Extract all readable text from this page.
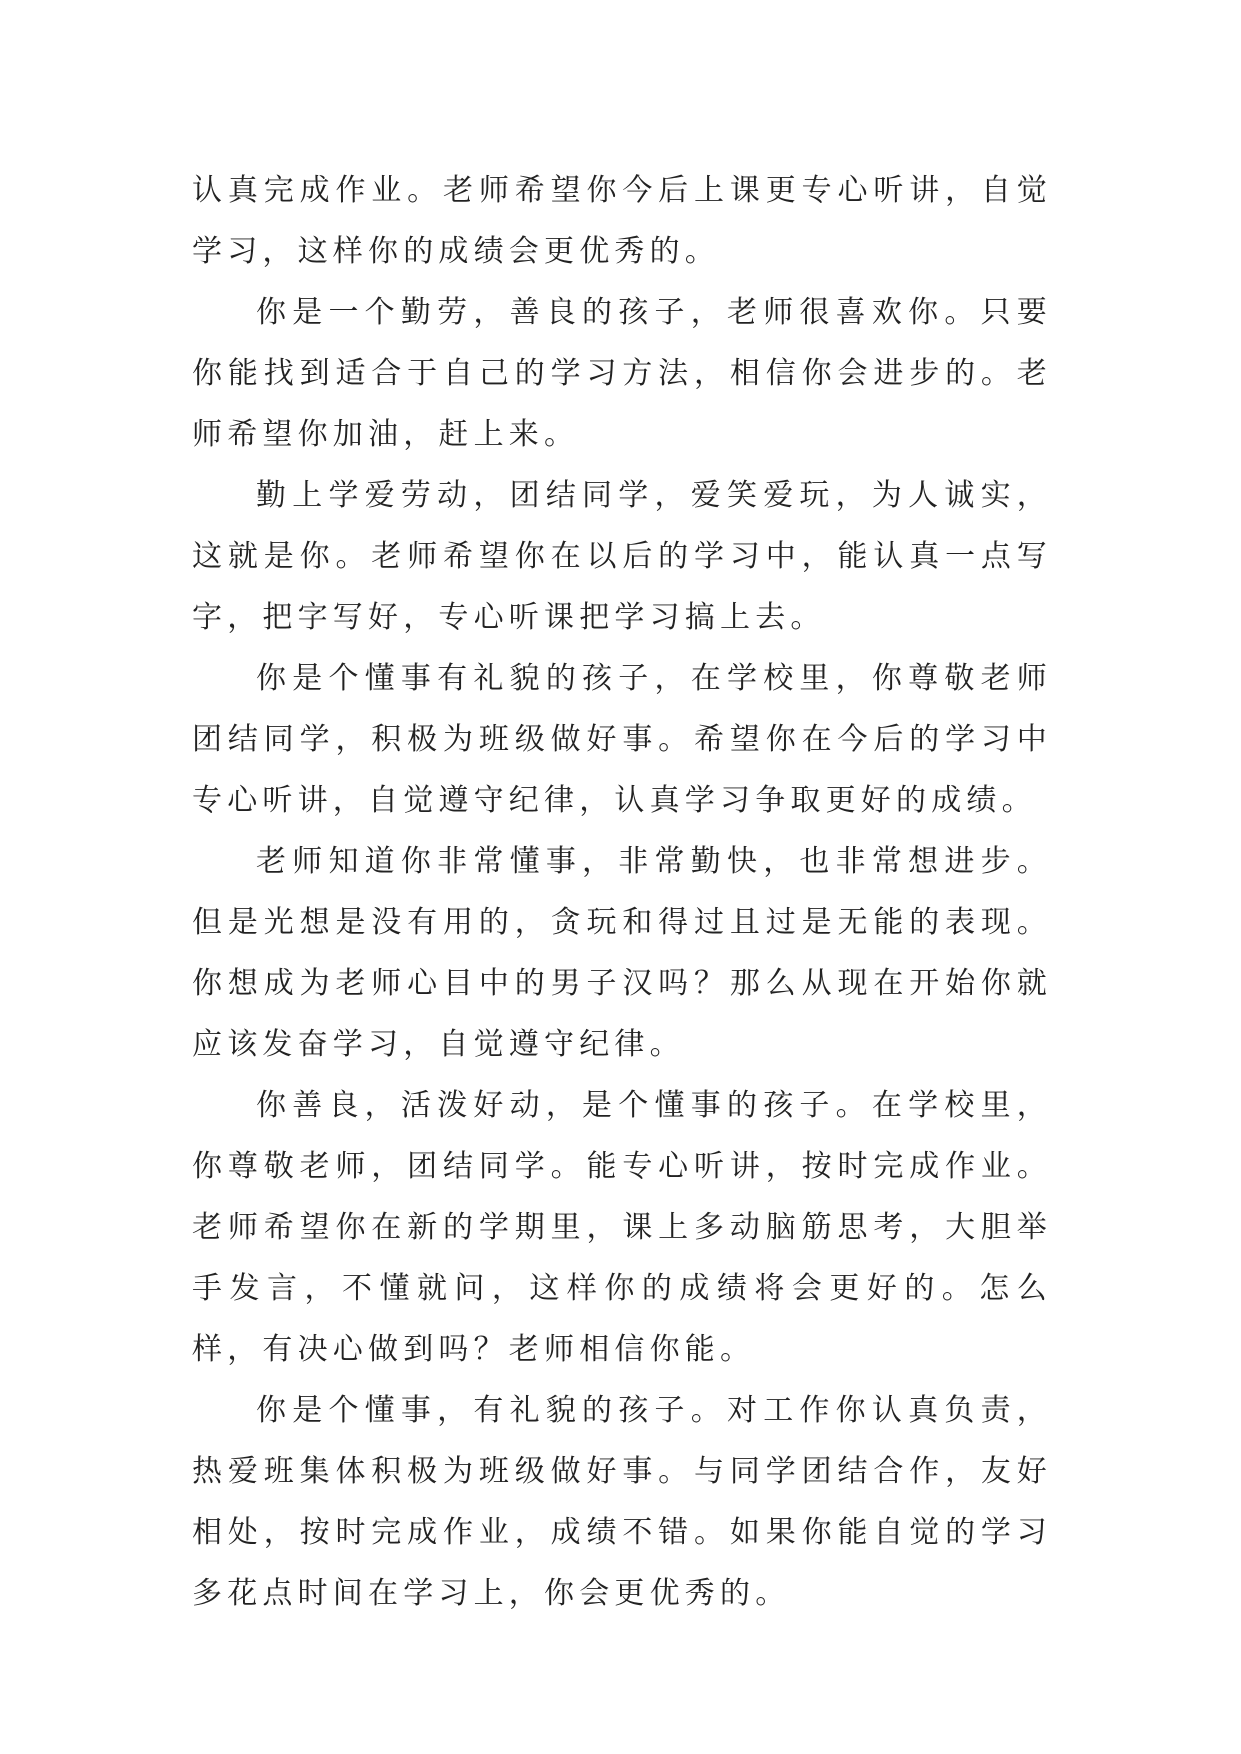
认真完成作业。老师希望你今后上课更专心听讲，自觉学习，这样你的成绩会更优秀的。

你是一个勤劳，善良的孩子，老师很喜欢你。只要你能找到适合于自己的学习方法，相信你会进步的。老师希望你加油，赶上来。

勤上学爱劳动，团结同学，爱笑爱玩，为人诚实，这就是你。老师希望你在以后的学习中，能认真一点写字，把字写好，专心听课把学习搞上去。

你是个懂事有礼貌的孩子，在学校里，你尊敬老师团结同学，积极为班级做好事。希望你在今后的学习中专心听讲，自觉遵守纪律，认真学习争取更好的成绩。

老师知道你非常懂事，非常勤快，也非常想进步。但是光想是没有用的，贪玩和得过且过是无能的表现。你想成为老师心目中的男子汉吗？那么从现在开始你就应该发奋学习，自觉遵守纪律。

你善良，活泼好动，是个懂事的孩子。在学校里，你尊敬老师，团结同学。能专心听讲，按时完成作业。老师希望你在新的学期里，课上多动脑筋思考，大胆举手发言，不懂就问，这样你的成绩将会更好的。怎么样，有决心做到吗？老师相信你能。

你是个懂事，有礼貌的孩子。对工作你认真负责，热爱班集体积极为班级做好事。与同学团结合作，友好相处，按时完成作业，成绩不错。如果你能自觉的学习多花点时间在学习上，你会更优秀的。
